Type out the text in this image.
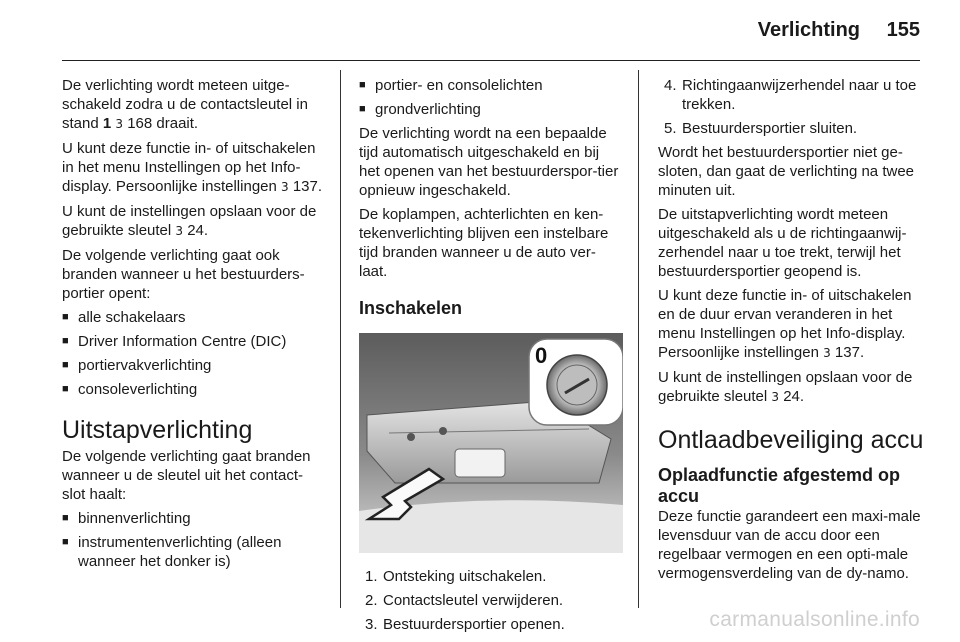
Verlichting 155

De verlichting wordt meteen uitge-schakeld zodra u de contactsleutel in stand 1 3 168 draait.

U kunt deze functie in- of uitschakelen in het menu Instellingen op het Info-display. Persoonlijke instellingen 3 137.

U kunt de instellingen opslaan voor de gebruikte sleutel 3 24.

De volgende verlichting gaat ook branden wanneer u het bestuurders-portier opent:

■ alle schakelaars
■ Driver Information Centre (DIC)
■ portiervakverlichting
■ consoleverlichting
Uitstapverlichting

De volgende verlichting gaat branden wanneer u de sleutel uit het contact-slot haalt:

■ binnenverlichting
■ instrumentenverlichting (alleen wanneer het donker is)
■ portier- en consolelichten
■ grondverlichting

De verlichting wordt na een bepaalde tijd automatisch uitgeschakeld en bij het openen van het bestuurderspor-tier opnieuw ingeschakeld.

De koplampen, achterlichten en ken-tekenverlichting blijven een instelbare tijd branden wanneer u de auto ver-laat.

Inschakelen
0
1. Ontsteking uitschakelen.
2. Contactsleutel verwijderen.
3. Bestuurdersportier openen.
4. Richtingaanwijzerhendel naar u toe trekken.
5. Bestuurdersportier sluiten.

Wordt het bestuurdersportier niet ge-sloten, dan gaat de verlichting na twee minuten uit.

De uitstapverlichting wordt meteen uitgeschakeld als u de richtingaanwij-zerhendel naar u toe trekt, terwijl het bestuurdersportier geopend is.

U kunt deze functie in- of uitschakelen en de duur ervan veranderen in het menu Instellingen op het Info-display. Persoonlijke instellingen 3 137.

U kunt de instellingen opslaan voor de gebruikte sleutel 3 24.

Ontlaadbeveiliging accu
Oplaadfunctie afgestemd op accu

Deze functie garandeert een maxi-male levensduur van de accu door een regelbaar vermogen en een opti-male vermogensverdeling van de dy-namo.

carmanualsonline.info
